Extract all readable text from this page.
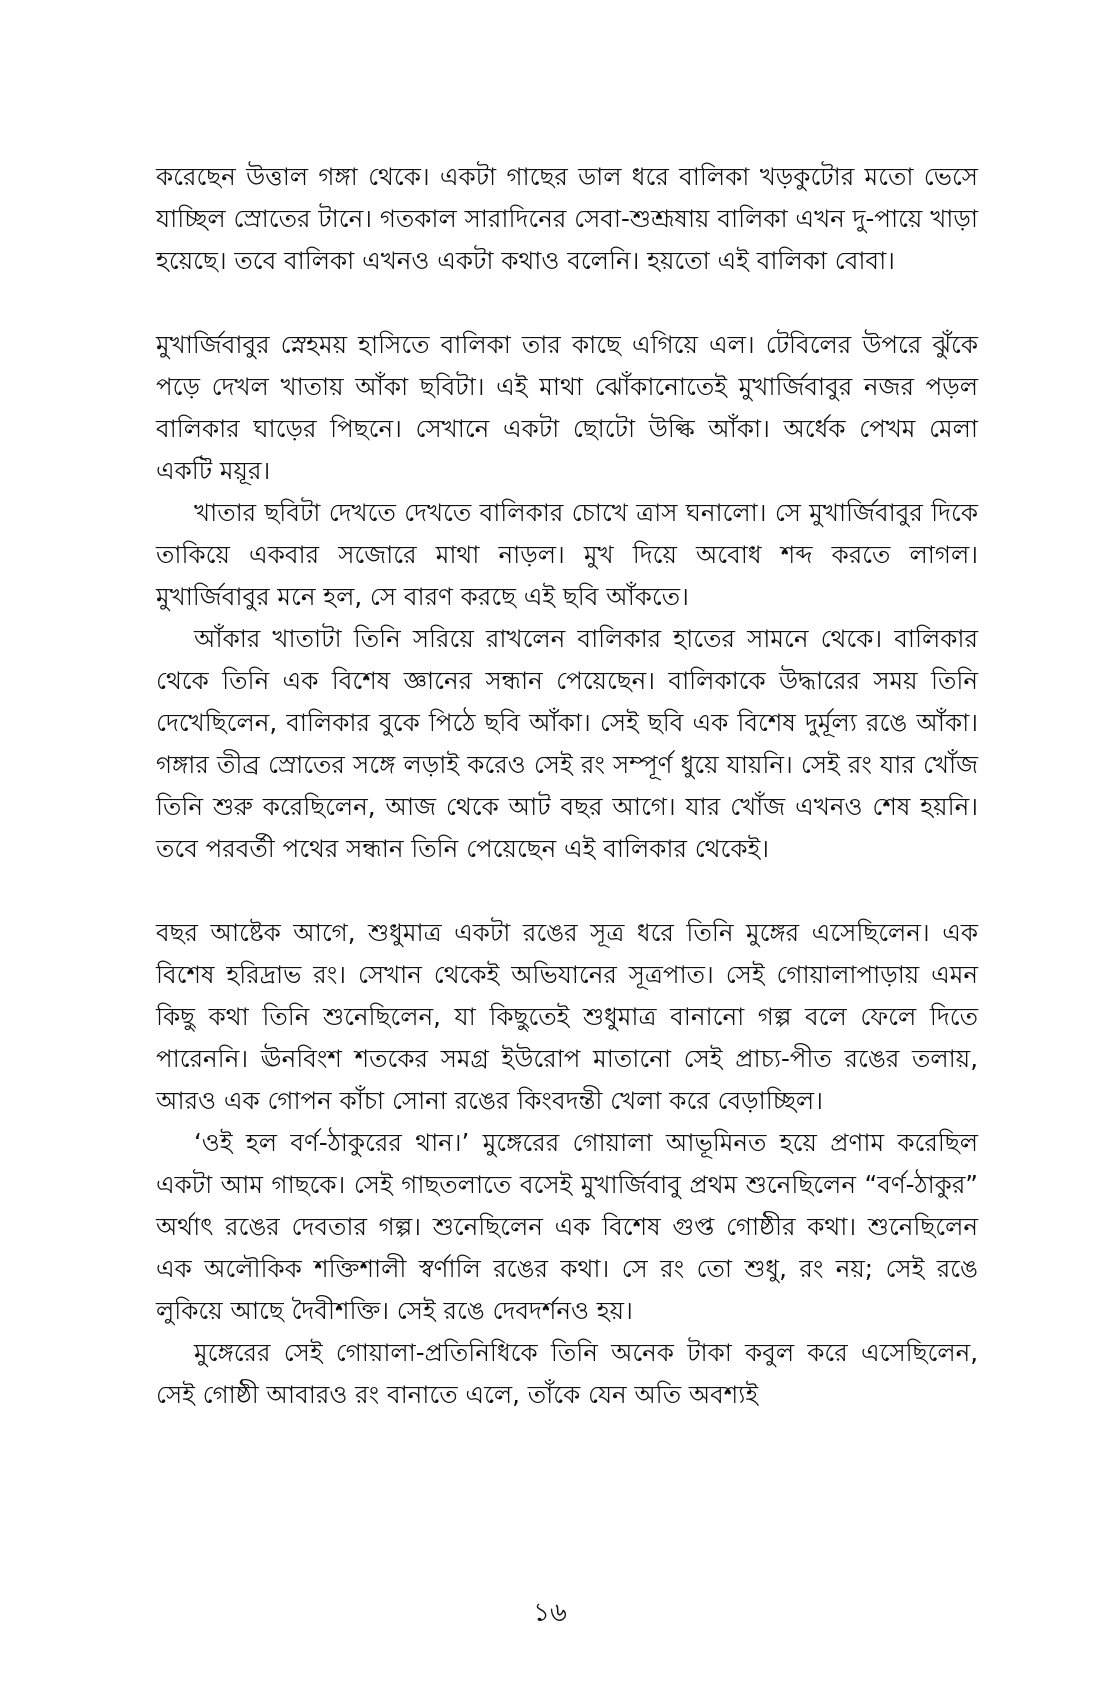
করেছেন উত্তাল গঙ্গা থেকে। একটা গাছের ডাল ধরে বালিকা খড়কুটোর মতো ভেসে যাচ্ছিল স্রোতের টানে। গতকাল সারাদিনের সেবা-শুশ্রূষায় বালিকা এখন দু-পায়ে খাড়া হয়েছে। তবে বালিকা এখনও একটা কথাও বলেনি। হয়তো এই বালিকা বোবা।

মুখার্জিবাবুর স্নেহময় হাসিতে বালিকা তার কাছে এগিয়ে এল। টেবিলের উপরে ঝুঁকে পড়ে দেখল খাতায় আঁকা ছবিটা। এই মাথা ঝোঁকানোতেই মুখার্জিবাবুর নজর পড়ল বালিকার ঘাড়ের পিছনে। সেখানে একটা ছোটো উল্কি আঁকা। অর্ধেক পেখম মেলা একটি ময়ূর।

খাতার ছবিটা দেখতে দেখতে বালিকার চোখে ত্রাস ঘনালো। সে মুখার্জিবাবুর দিকে তাকিয়ে একবার সজোরে মাথা নাড়ল। মুখ দিয়ে অবোধ শব্দ করতে লাগল। মুখার্জিবাবুর মনে হল, সে বারণ করছে এই ছবি আঁকতে।

আঁকার খাতাটা তিনি সরিয়ে রাখলেন বালিকার হাতের সামনে থেকে। বালিকার থেকে তিনি এক বিশেষ জ্ঞানের সন্ধান পেয়েছেন। বালিকাকে উদ্ধারের সময় তিনি দেখেছিলেন, বালিকার বুকে পিঠে ছবি আঁকা। সেই ছবি এক বিশেষ দুর্মূল্য রঙে আঁকা। গঙ্গার তীব্র স্রোতের সঙ্গে লড়াই করেও সেই রং সম্পূর্ণ ধুয়ে যায়নি। সেই রং যার খোঁজ তিনি শুরু করেছিলেন, আজ থেকে আট বছর আগে। যার খোঁজ এখনও শেষ হয়নি। তবে পরবর্তী পথের সন্ধান তিনি পেয়েছেন এই বালিকার থেকেই।

বছর আষ্টেক আগে, শুধুমাত্র একটা রঙের সূত্র ধরে তিনি মুঙ্গের এসেছিলেন। এক বিশেষ হরিদ্রাভ রং। সেখান থেকেই অভিযানের সূত্রপাত। সেই গোয়ালাপাড়ায় এমন কিছু কথা তিনি শুনেছিলেন, যা কিছুতেই শুধুমাত্র বানানো গল্প বলে ফেলে দিতে পারেননি। ঊনবিংশ শতকের সমগ্র ইউরোপ মাতানো সেই প্রাচ্য-পীত রঙের তলায়, আরও এক গোপন কাঁচা সোনা রঙের কিংবদন্তী খেলা করে বেড়াচ্ছিল।

‘ওই হল বর্ণ-ঠাকুরের থান।’ মুঙ্গেরের গোয়ালা আভূমিনত হয়ে প্রণাম করেছিল একটা আম গাছকে। সেই গাছতলাতে বসেই মুখার্জিবাবু প্রথম শুনেছিলেন “বর্ণ-ঠাকুর” অর্থাৎ রঙের দেবতার গল্প। শুনেছিলেন এক বিশেষ গুপ্ত গোষ্ঠীর কথা। শুনেছিলেন এক অলৌকিক শক্তিশালী স্বর্ণালি রঙের কথা। সে রং তো শুধু, রং নয়; সেই রঙে লুকিয়ে আছে দৈবীশক্তি। সেই রঙে দেবদর্শনও হয়।

মুঙ্গেরের সেই গোয়ালা-প্রতিনিধিকে তিনি অনেক টাকা কবুল করে এসেছিলেন, সেই গোষ্ঠী আবারও রং বানাতে এলে, তাঁকে যেন অতি অবশ্যই

১৬
